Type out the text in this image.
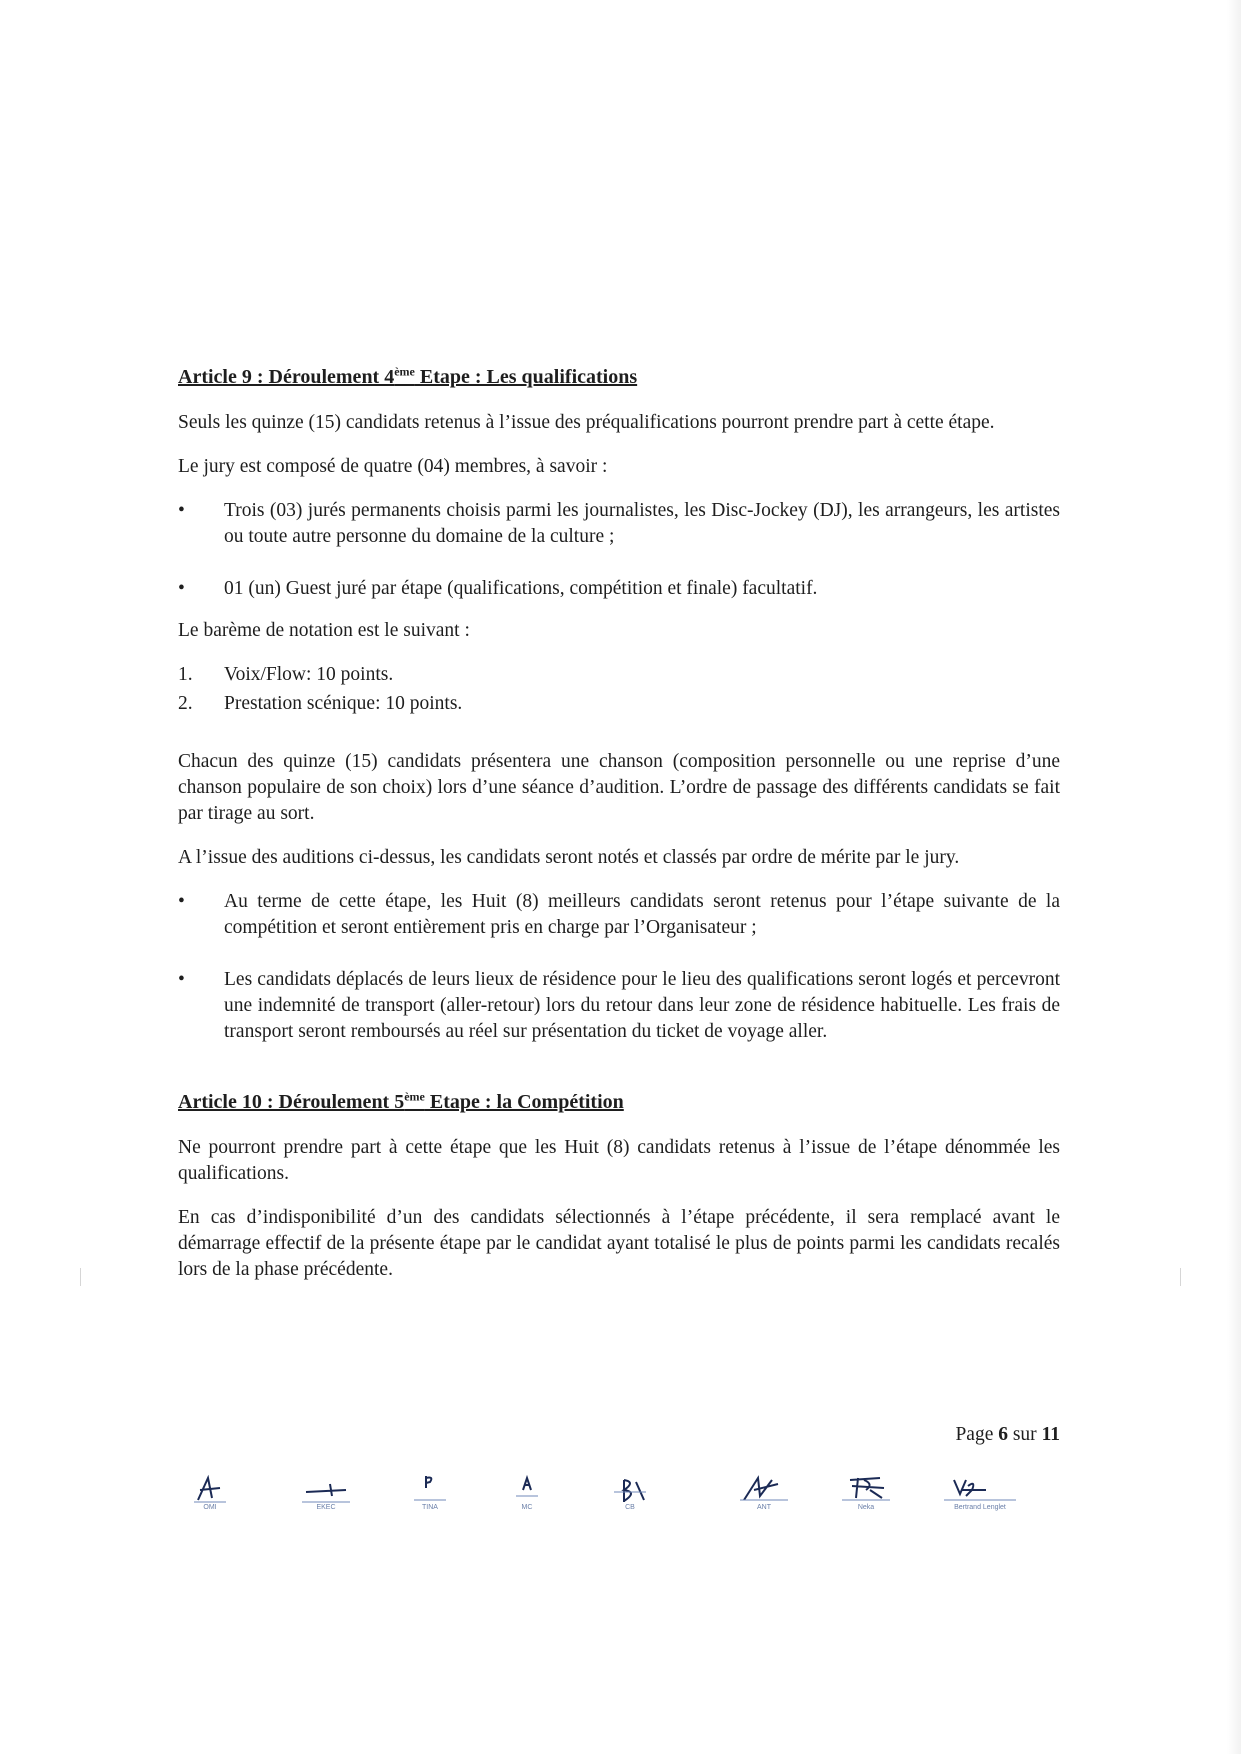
Article 9 : Déroulement 4ème Etape : Les qualifications

Seuls les quinze (15) candidats retenus à l’issue des préqualifications pourront prendre part à cette étape.

Le jury est composé de quatre (04) membres, à savoir :

•	Trois (03) jurés permanents choisis parmi les journalistes, les Disc-Jockey (DJ), les arrangeurs, les artistes ou toute autre personne du domaine de la culture ;
•	01 (un) Guest juré par étape (qualifications, compétition et finale) facultatif.

Le barème de notation est le suivant :

1. Voix/Flow: 10 points.
2. Prestation scénique: 10 points.

Chacun des quinze (15) candidats présentera une chanson (composition personnelle ou une reprise d’une chanson populaire de son choix) lors d’une séance d’audition. L’ordre de passage des différents candidats se fait par tirage au sort.

A l’issue des auditions ci-dessus, les candidats seront notés et classés par ordre de mérite par le jury.

•	Au terme de cette étape, les Huit (8) meilleurs candidats seront retenus pour l’étape suivante de la compétition et seront entièrement pris en charge par l’Organisateur ;
•	Les candidats déplacés de leurs lieux de résidence pour le lieu des qualifications seront logés et percevront une indemnité de transport (aller-retour) lors du retour dans leur zone de résidence habituelle. Les frais de transport seront remboursés au réel sur présentation du ticket de voyage aller.
Article 10 : Déroulement 5ème Etape : la Compétition

Ne pourront prendre part à cette étape que les Huit (8) candidats retenus à l’issue de l’étape dénommée les qualifications.

En cas d’indisponibilité d’un des candidats sélectionnés à l’étape précédente, il sera remplacé avant le démarrage effectif de la présente étape par le candidat ayant totalisé le plus de points parmi les candidats recalés lors de la phase précédente.

Page 6 sur 11
OMI	EKEC	TINA	MC	CB	ANT	Neka	Bertrand Lenglet
